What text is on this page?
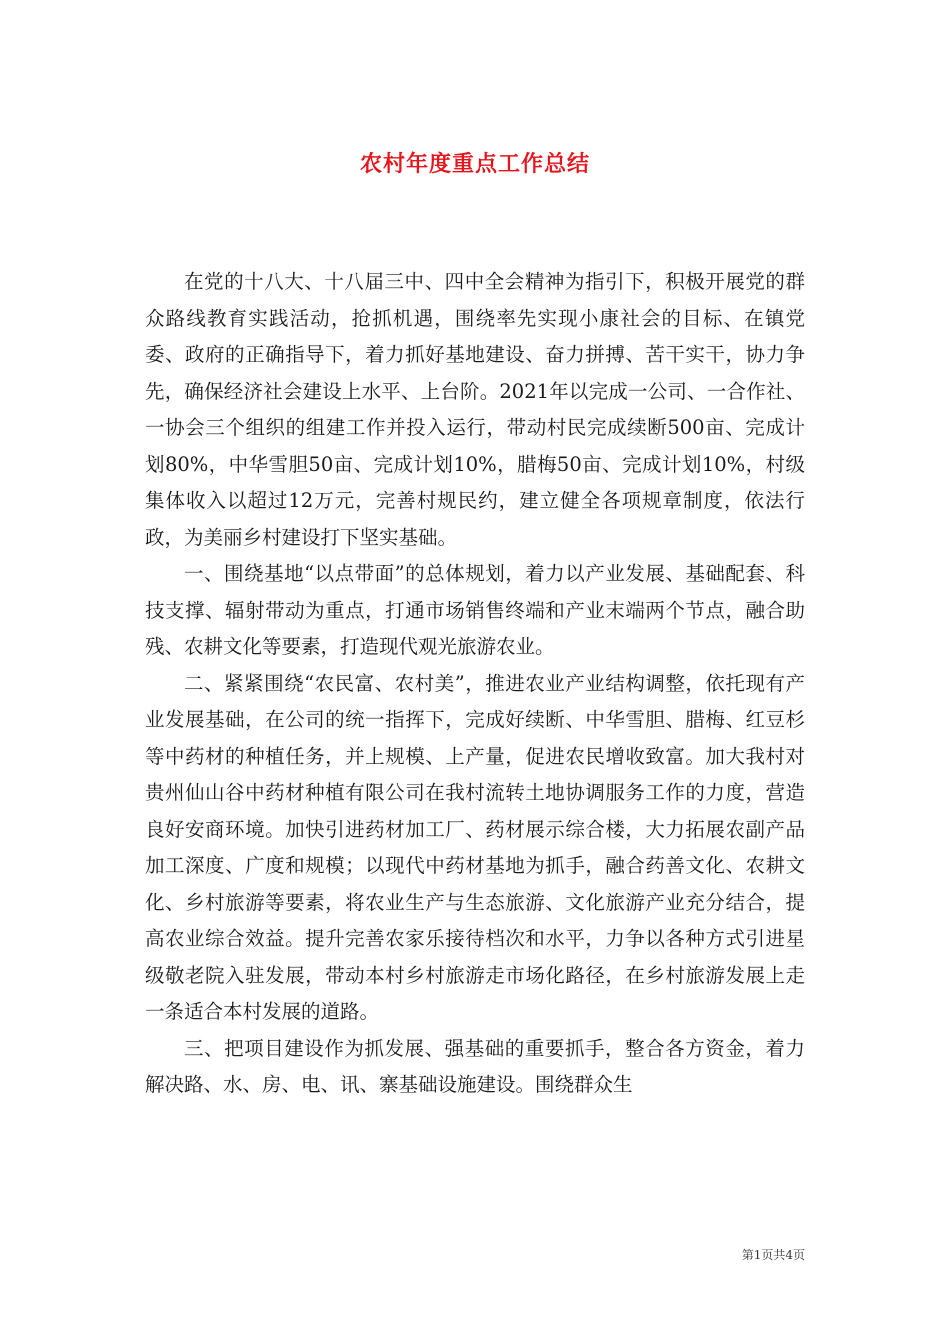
农村年度重点工作总结

在党的十八大、十八届三中、四中全会精神为指引下，积极开展党的群众路线教育实践活动，抢抓机遇，围绕率先实现小康社会的目标、在镇党委、政府的正确指导下，着力抓好基地建设、奋力拼搏、苦干实干，协力争先，确保经济社会建设上水平、上台阶。2021年以完成一公司、一合作社、一协会三个组织的组建工作并投入运行，带动村民完成续断500亩、完成计划80%，中华雪胆50亩、完成计划10%，腊梅50亩、完成计划10%，村级集体收入以超过12万元，完善村规民约，建立健全各项规章制度，依法行政，为美丽乡村建设打下坚实基础。

一、围绕基地“以点带面”的总体规划，着力以产业发展、基础配套、科技支撑、辐射带动为重点，打通市场销售终端和产业末端两个节点，融合助残、农耕文化等要素，打造现代观光旅游农业。

二、紧紧围绕“农民富、农村美”，推进农业产业结构调整，依托现有产业发展基础，在公司的统一指挥下，完成好续断、中华雪胆、腊梅、红豆杉等中药材的种植任务，并上规模、上产量，促进农民增收致富。加大我村对贵州仙山谷中药材种植有限公司在我村流转土地协调服务工作的力度，营造良好安商环境。加快引进药材加工厂、药材展示综合楼，大力拓展农副产品加工深度、广度和规模；以现代中药材基地为抓手，融合药善文化、农耕文化、乡村旅游等要素，将农业生产与生态旅游、文化旅游产业充分结合，提高农业综合效益。提升完善农家乐接待档次和水平，力争以各种方式引进星级敬老院入驻发展，带动本村乡村旅游走市场化路径，在乡村旅游发展上走一条适合本村发展的道路。

三、把项目建设作为抓发展、强基础的重要抓手，整合各方资金，着力解决路、水、房、电、讯、寨基础设施建设。围绕群众生

第1页共4页
